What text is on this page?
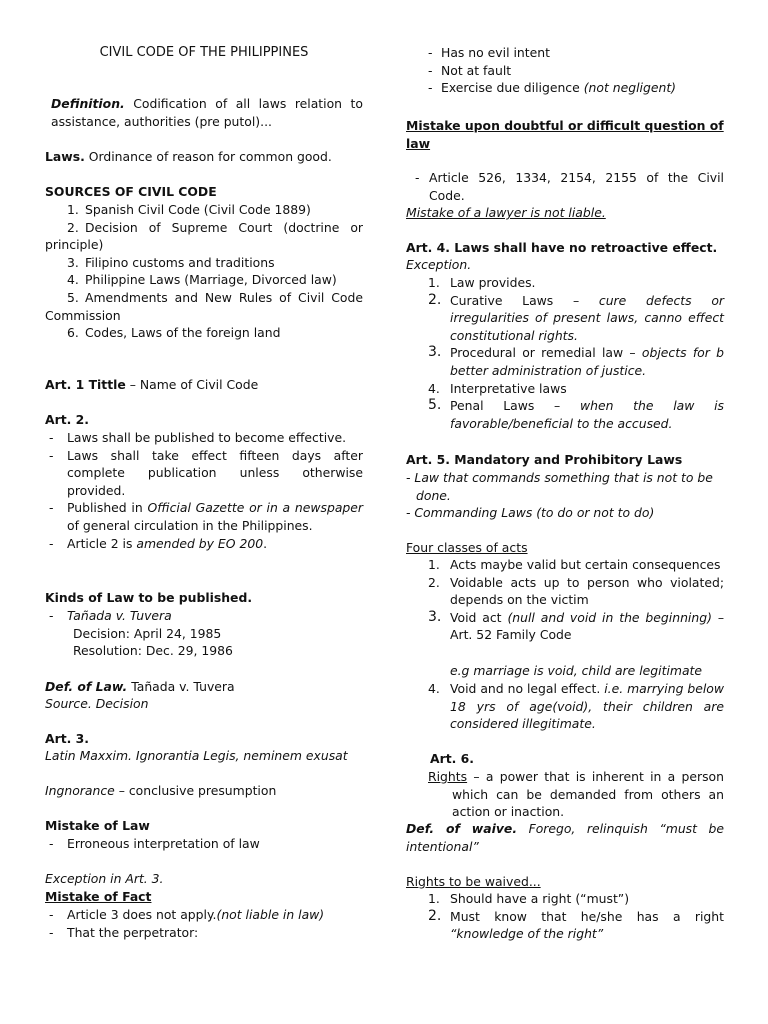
CIVIL CODE OF THE PHILIPPINES
Definition. Codification of all laws relation to assistance, authorities (pre putol)...
Laws. Ordinance of reason for common good.
SOURCES OF CIVIL CODE
1. Spanish Civil Code (Civil Code 1889)
2. Decision of Supreme Court (doctrine or principle)
3. Filipino customs and traditions
4. Philippine Laws (Marriage, Divorced law)
5. Amendments and New Rules of Civil Code Commission
6. Codes, Laws of the foreign land
Art. 1 Tittle – Name of Civil Code
Art. 2.
-	Laws shall be published to become effective.
-	Laws shall take effect fifteen days after complete publication unless otherwise provided.
-	Published in Official Gazette or in a newspaper of general circulation in the Philippines.
-	Article 2 is amended by EO 200.
Kinds of Law to be published.
-	Tañada v. Tuvera
Decision: April 24, 1985
Resolution: Dec. 29, 1986
Def. of Law. Tañada v. Tuvera
Source. Decision
Art. 3.
Latin Maxxim. Ignorantia Legis, neminem exusat
Ingnorance – conclusive presumption
Mistake of Law
-	Erroneous interpretation of law
Exception in Art. 3.
Mistake of Fact
-	Article 3 does not apply.(not liable in law)
-	That the perpetrator:
- Has no evil intent
- Not at fault
- Exercise due diligence (not negligent)
Mistake upon doubtful or difficult question of law
- Article 526, 1334, 2154, 2155 of the Civil Code.
Mistake of a lawyer is not liable.
Art. 4. Laws shall have no retroactive effect.
Exception.
1. Law provides.
2. Curative Laws – cure defects or irregularities of present laws, canno effect constitutional rights.
3. Procedural or remedial law – objects for b better administration of justice.
4. Interpretative laws
5. Penal Laws – when the law is favorable/beneficial to the accused.
Art. 5. Mandatory and Prohibitory Laws
- Law that commands something that is not to be done.
- Commanding Laws (to do or not to do)
Four classes of acts
1. Acts maybe valid but certain consequences
2. Voidable acts up to person who violated; depends on the victim
3. Void act (null and void in the beginning) – Art. 52 Family Code
e.g marriage is void, child are legitimate
4. Void and no legal effect. i.e. marrying below 18 yrs of age(void), their children are considered illegitimate.
Art. 6.
Rights – a power that is inherent in a person which can be demanded from others an action or inaction.
Def. of waive. Forego, relinquish “must be intentional”
Rights to be waived...
1. Should have a right (“must”)
2. Must know that he/she has a right “knowledge of the right”
